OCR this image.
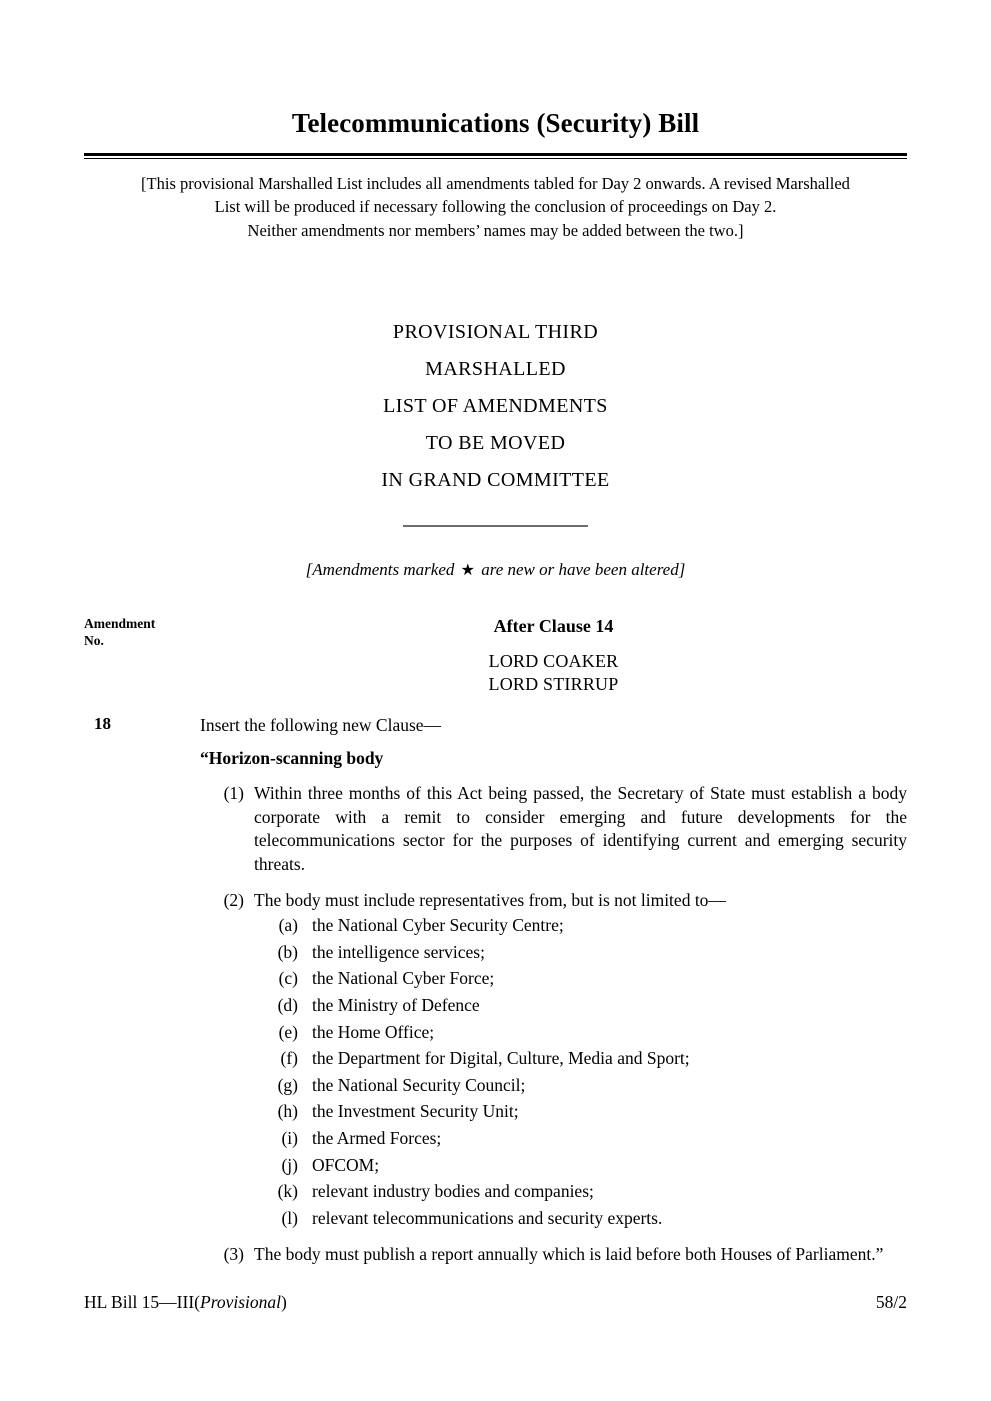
Telecommunications (Security) Bill
[This provisional Marshalled List includes all amendments tabled for Day 2 onwards. A revised Marshalled
List will be produced if necessary following the conclusion of proceedings on Day 2.
Neither amendments nor members’ names may be added between the two.]
PROVISIONAL THIRD
MARSHALLED
LIST OF AMENDMENTS
TO BE MOVED
IN GRAND COMMITTEE
[Amendments marked ★ are new or have been altered]
Amendment
No.
After Clause 14
LORD COAKER
LORD STIRRUP
18	Insert the following new Clause—
“Horizon-scanning body
(1) Within three months of this Act being passed, the Secretary of State must establish a body corporate with a remit to consider emerging and future developments for the telecommunications sector for the purposes of identifying current and emerging security threats.
(2) The body must include representatives from, but is not limited to—
(a) the National Cyber Security Centre;
(b) the intelligence services;
(c) the National Cyber Force;
(d) the Ministry of Defence
(e) the Home Office;
(f) the Department for Digital, Culture, Media and Sport;
(g) the National Security Council;
(h) the Investment Security Unit;
(i) the Armed Forces;
(j) OFCOM;
(k) relevant industry bodies and companies;
(l) relevant telecommunications and security experts.
(3) The body must publish a report annually which is laid before both Houses of Parliament.”
HL Bill 15—III(Provisional)	58/2
